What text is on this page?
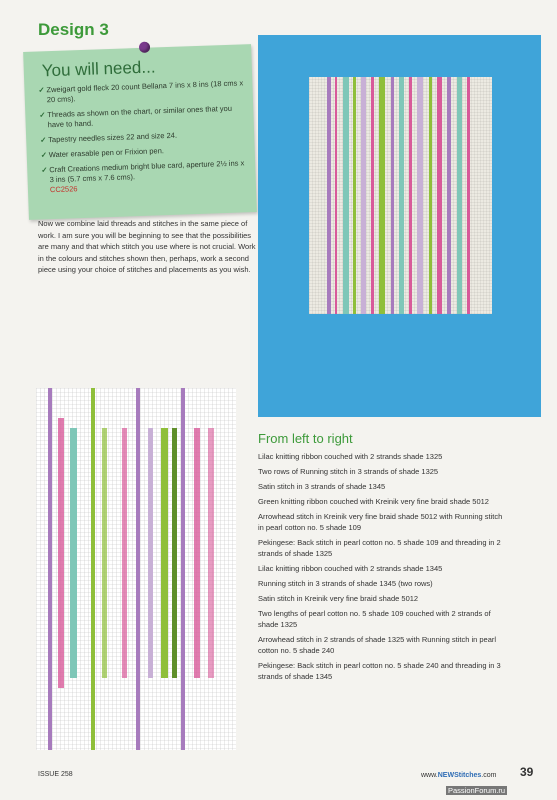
Design 3
You will need...
✓ Zweigart gold fleck 20 count Bellana 7 ins x 8 ins (18 cms x 20 cms).
✓ Threads as shown on the chart, or similar ones that you have to hand.
✓ Tapestry needles sizes 22 and size 24.
✓ Water erasable pen or Frixion pen.
✓ Craft Creations medium bright blue card, aperture 2½ ins x 3 ins (5.7 cms x 7.6 cms).
CC2526

Now we combine laid threads and stitches in the same piece of work. I am sure you will be beginning to see that the possibilities are many and that which stitch you use where is not crucial. Work in the colours and stitches shown then, perhaps, work a second piece using your choice of stitches and placements as you wish.

From left to right
Lilac knitting ribbon couched with 2 strands shade 1325
Two rows of Running stitch in 3 strands of shade 1325
Satin stitch in 3 strands of shade 1345
Green knitting ribbon couched with Kreinik very fine braid shade 5012
Arrowhead stitch in Kreinik very fine braid shade 5012 with Running stitch in pearl cotton no. 5 shade 109
Pekingese: Back stitch in pearl cotton no. 5 shade 109 and threading in 2 strands of shade 1325
Lilac knitting ribbon couched with 2 strands shade 1345
Running stitch in 3 strands of shade 1345 (two rows)
Satin stitch in Kreinik very fine braid shade 5012
Two lengths of pearl cotton no. 5 shade 109 couched with 2 strands of shade 1325
Arrowhead stitch in 2 strands of shade 1325 with Running stitch in pearl cotton no. 5 shade 240
Pekingese: Back stitch in pearl cotton no. 5 shade 240 and threading in 3 strands of shade 1345
ISSUE 258	www.NEWStitches.com 39
PassionForum.ru
